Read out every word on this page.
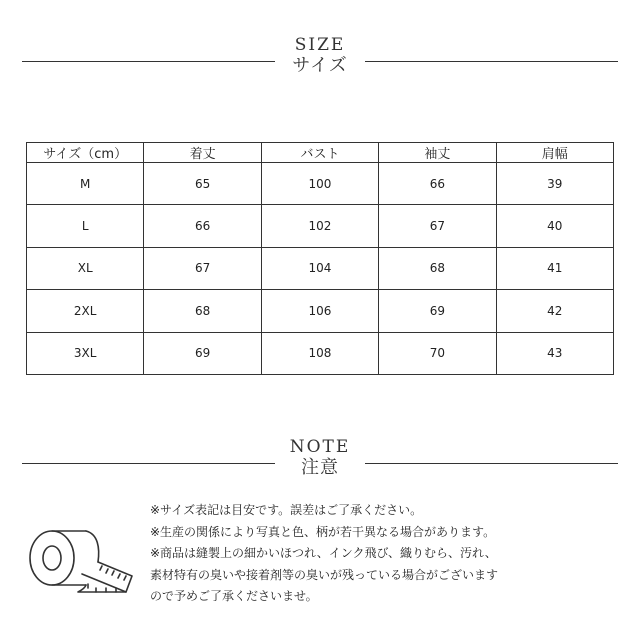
SIZE
サイズ
サイズ（cm）	着丈	バスト	袖丈	肩幅
M	65	100	66	39
L	66	102	67	40
XL	67	104	68	41
2XL	68	106	69	42
3XL	69	108	70	43
NOTE
注意
※サイズ表記は目安です。誤差はご了承ください。
※生産の関係により写真と色、柄が若干異なる場合があります。
※商品は縫製上の細かいほつれ、インク飛び、織りむら、汚れ、
素材特有の臭いや接着剤等の臭いが残っている場合がございます
ので予めご了承くださいませ。
